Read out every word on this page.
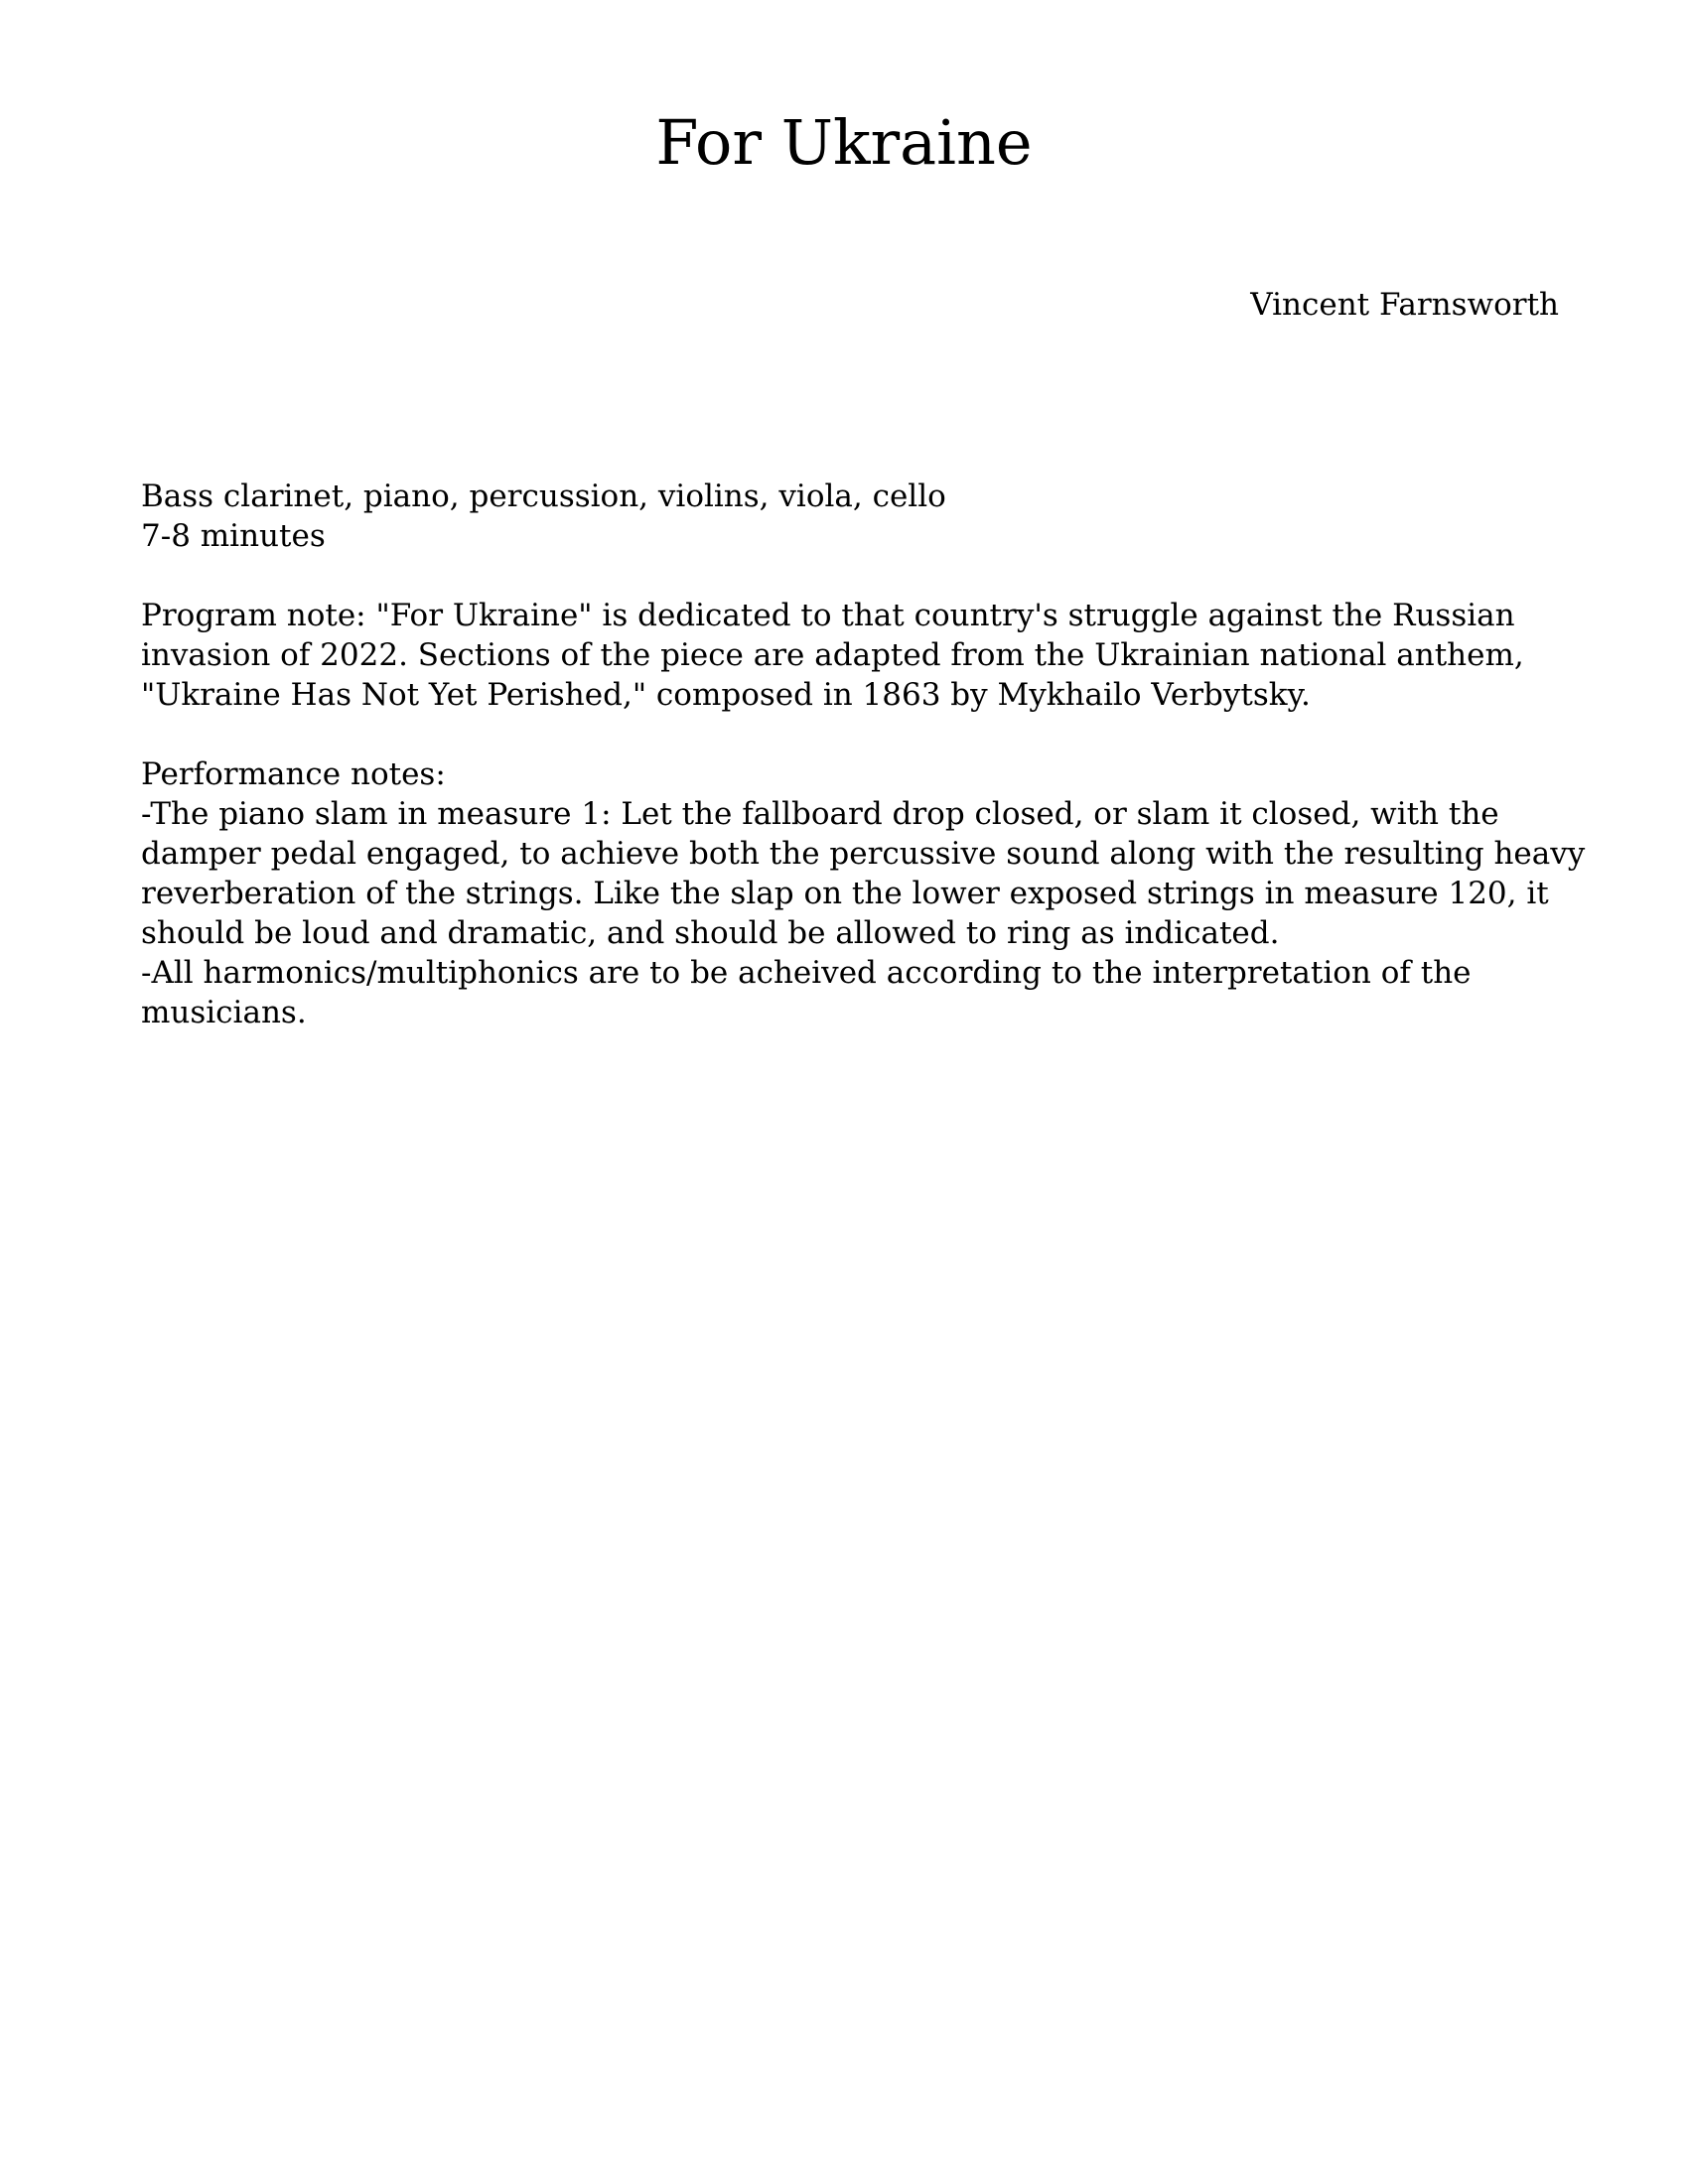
For Ukraine
Vincent Farnsworth
Bass clarinet, piano, percussion, violins, viola, cello
7-8 minutes
Program note: "For Ukraine" is dedicated to that country's struggle against the Russian
invasion of 2022. Sections of the piece are adapted from the Ukrainian national anthem,
"Ukraine Has Not Yet Perished," composed in 1863 by Mykhailo Verbytsky.
Performance notes:
-The piano slam in measure 1: Let the fallboard drop closed, or slam it closed, with the
damper pedal engaged, to achieve both the percussive sound along with the resulting heavy
reverberation of the strings. Like the slap on the lower exposed strings in measure 120, it
should be loud and dramatic, and should be allowed to ring as indicated.
-All harmonics/multiphonics are to be acheived according to the interpretation of the
musicians.
